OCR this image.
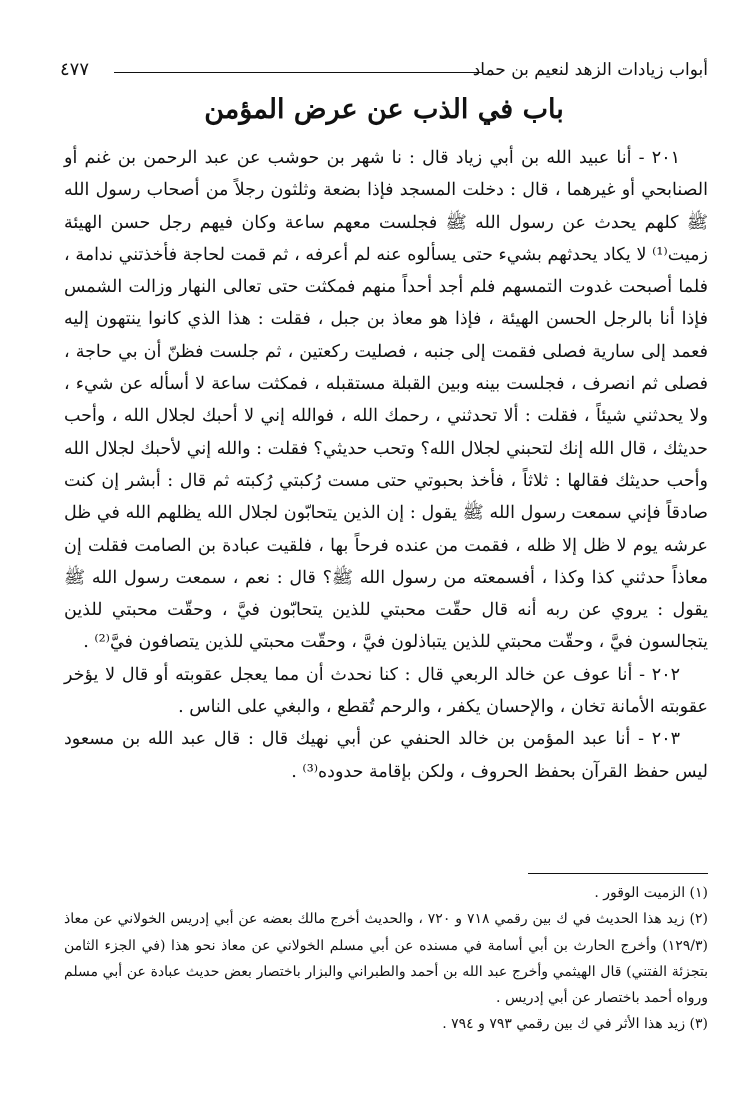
أبواب زيادات الزهد لنعيم بن حماد
٤٧٧
باب في الذب عن عرض المؤمن

٢٠١ - أنا عبيد الله بن أبي زياد قال : نا شهر بن حوشب عن عبد الرحمن بن غنم أو الصنابحي أو غيرهما ، قال : دخلت المسجد فإذا بضعة وثلثون رجلاً من أصحاب رسول الله ﷺ كلهم يحدث عن رسول الله ﷺ فجلست معهم ساعة وكان فيهم رجل حسن الهيئة زميت⁽¹⁾ لا يكاد يحدثهم بشيء حتى يسألوه عنه لم أعرفه ، ثم قمت لحاجة فأخذتني ندامة ، فلما أصبحت غدوت التمسهم فلم أجد أحداً منهم فمكثت حتى تعالى النهار وزالت الشمس فإذا أنا بالرجل الحسن الهيئة ، فإذا هو معاذ بن جبل ، فقلت : هذا الذي كانوا ينتهون إليه فعمد إلى سارية فصلى فقمت إلى جنبه ، فصليت ركعتين ، ثم جلست فظنّ أن بي حاجة ، فصلى ثم انصرف ، فجلست بينه وبين القبلة مستقبله ، فمكثت ساعة لا أسأله عن شيء ، ولا يحدثني شيئاً ، فقلت : ألا تحدثني ، رحمك الله ، فوالله إني لا أحبك لجلال الله ، وأحب حديثك ، قال الله إنك لتحبني لجلال الله؟ وتحب حديثي؟ فقلت : والله إني لأحبك لجلال الله وأحب حديثك فقالها : ثلاثاً ، فأخذ بحبوتي حتى مست رُكبتي رُكبته ثم قال : أبشر إن كنت صادقاً فإني سمعت رسول الله ﷺ يقول : إن الذين يتحابّون لجلال الله يظلهم الله في ظل عرشه يوم لا ظل إلا ظله ، فقمت من عنده فرحاً بها ، فلقيت عبادة بن الصامت فقلت إن معاذاً حدثني كذا وكذا ، أفسمعته من رسول الله ﷺ؟ قال : نعم ، سمعت رسول الله ﷺ يقول : يروي عن ربه أنه قال حقّت محبتي للذين يتحابّون فيَّ ، وحقّت محبتي للذين يتجالسون فيَّ ، وحقّت محبتي للذين يتباذلون فيَّ ، وحقّت محبتي للذين يتصافون فيَّ⁽²⁾ .

٢٠٢ - أنا عوف عن خالد الربعي قال : كنا نحدث أن مما يعجل عقوبته أو قال لا يؤخر عقوبته الأمانة تخان ، والإحسان يكفر ، والرحم تُقطع ، والبغي على الناس .

٢٠٣ - أنا عبد المؤمن بن خالد الحنفي عن أبي نهيك قال : قال عبد الله بن مسعود ليس حفظ القرآن بحفظ الحروف ، ولكن بإقامة حدوده⁽³⁾ .

(١) الزميت الوقور .

(٢) زيد هذا الحديث في ك بين رقمي ٧١٨ و ٧٢٠ ، والحديث أخرج مالك بعضه عن أبي إدريس الخولاني عن معاذ (١٢٩/٣) وأخرج الحارث بن أبي أسامة في مسنده عن أبي مسلم الخولاني عن معاذ نحو هذا (في الجزء الثامن بتجزئة الفتني) قال الهيثمي وأخرج عبد الله بن أحمد والطبراني والبزار باختصار بعض حديث عبادة عن أبي مسلم ورواه أحمد باختصار عن أبي إدريس .

(٣) زيد هذا الأثر في ك بين رقمي ٧٩٣ و ٧٩٤ .
